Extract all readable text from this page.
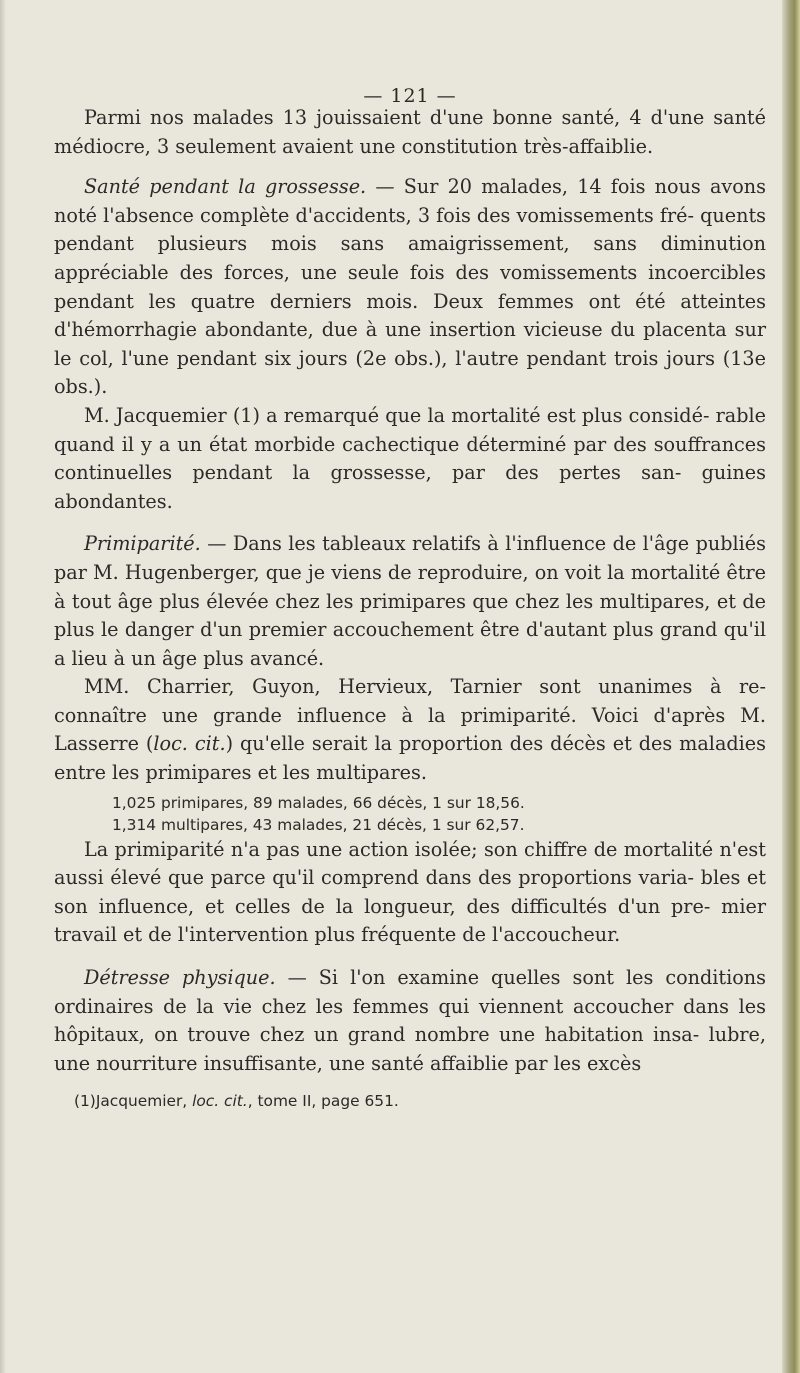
— 121 —

Parmi nos malades 13 jouissaient d'une bonne santé, 4 d'une santé médiocre, 3 seulement avaient une constitution très-affaiblie.

Santé pendant la grossesse. — Sur 20 malades, 14 fois nous avons noté l'absence complète d'accidents, 3 fois des vomissements fré- quents pendant plusieurs mois sans amaigrissement, sans diminution appréciable des forces, une seule fois des vomissements incoercibles pendant les quatre derniers mois. Deux femmes ont été atteintes d'hémorrhagie abondante, due à une insertion vicieuse du placenta sur le col, l'une pendant six jours (2e obs.), l'autre pendant trois jours (13e obs.).

M. Jacquemier (1) a remarqué que la mortalité est plus considé- rable quand il y a un état morbide cachectique déterminé par des souffrances continuelles pendant la grossesse, par des pertes san- guines abondantes.

Primiparité. — Dans les tableaux relatifs à l'influence de l'âge publiés par M. Hugenberger, que je viens de reproduire, on voit la mortalité être à tout âge plus élevée chez les primipares que chez les multipares, et de plus le danger d'un premier accouchement être d'autant plus grand qu'il a lieu à un âge plus avancé.

MM. Charrier, Guyon, Hervieux, Tarnier sont unanimes à re- connaître une grande influence à la primiparité. Voici d'après M. Lasserre (loc. cit.) qu'elle serait la proportion des décès et des maladies entre les primipares et les multipares.

1,025 primipares, 89 malades, 66 décès, 1 sur 18,56.
1,314 multipares, 43 malades, 21 décès, 1 sur 62,57.

La primiparité n'a pas une action isolée; son chiffre de mortalité n'est aussi élevé que parce qu'il comprend dans des proportions varia- bles et son influence, et celles de la longueur, des difficultés d'un pre- mier travail et de l'intervention plus fréquente de l'accoucheur.

Détresse physique. — Si l'on examine quelles sont les conditions ordinaires de la vie chez les femmes qui viennent accoucher dans les hôpitaux, on trouve chez un grand nombre une habitation insa- lubre, une nourriture insuffisante, une santé affaiblie par les excès

(1)Jacquemier, loc. cit., tome II, page 651.
